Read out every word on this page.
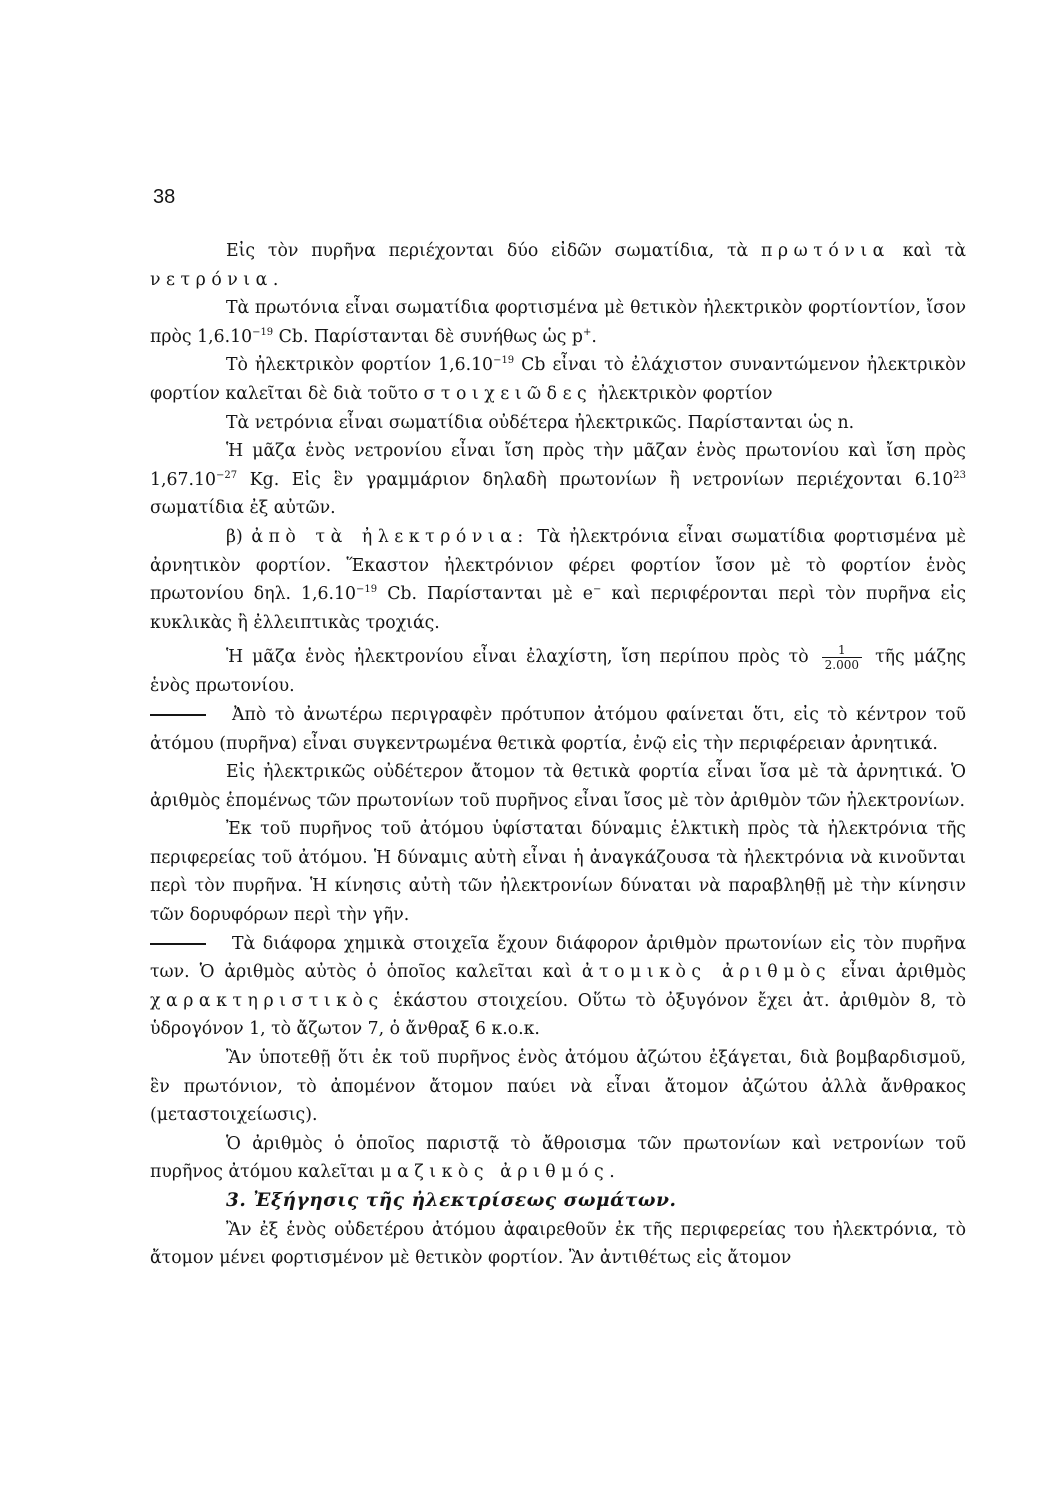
38

Εἰς τὸν πυρῆνα περιέχονται δύο εἰδῶν σωματίδια, τὰ πρωτόνια καὶ τὰ νετρόνια.

Τὰ πρωτόνια εἶναι σωματίδια φορτισμένα μὲ θετικὸν ἠλεκτρικὸν φορτίοντίον, ἴσον πρὸς $1,6.10^{-19}$ Cb. Παρίστανται δὲ συνήθως ὡς p+.

Τὸ ἠλεκτρικὸν φορτίον $1,6.10^{-19}$ Cb εἶναι τὸ ἐλάχιστον συναντώμενον ἠλεκτρικὸν φορτίον καλεῖται δὲ διὰ τοῦτο στοιχειῶδες ἠλεκτρικὸν φορτίον

Τὰ νετρόνια εἶναι σωματίδια οὐδέτερα ἠλεκτρικῶς. Παρίστανται ὡς n.

Ἡ μᾶζα ἑνὸς νετρονίου εἶναι ἴση πρὸς τὴν μᾶζαν ἑνὸς πρωτονίου καὶ ἴση πρὸς $1,67.10^{-27}$ Kg. Εἰς ἓν γραμμάριον δηλαδὴ πρωτονίων ἢ νετρονίων περιέχονται 6.10$^{23}$ σωματίδια ἐξ αὐτῶν.

β) ἀπὸ τὰ ἠλεκτρόνια: Τὰ ἠλεκτρόνια εἶναι σωματίδια φορτισμένα μὲ ἀρνητικὸν φορτίον. Ἕκαστον ἠλεκτρόνιον φέρει φορτίον ἴσον μὲ τὸ φορτίον ἑνὸς πρωτονίου δηλ. $1,6.10^{-19}$ Cb. Παρίστανται μὲ e− καὶ περιφέρονται περὶ τὸν πυρῆνα εἰς κυκλικὰς ἢ ἐλλειπτικὰς τροχιάς.

Ἡ μᾶζα ἑνὸς ἠλεκτρονίου εἶναι ἐλαχίστη, ἴση περίπου πρὸς τὸ $\frac{1}{2.000}$ τῆς μάζης ἑνὸς πρωτονίου.

Ἀπὸ τὸ ἀνωτέρω περιγραφὲν πρότυπον ἀτόμου φαίνεται ὅτι, εἰς τὸ κέντρον τοῦ ἀτόμου (πυρῆνα) εἶναι συγκεντρωμένα θετικὰ φορτία, ἐνῷ εἰς τὴν περιφέρειαν ἀρνητικά.

Εἰς ἠλεκτρικῶς οὐδέτερον ἄτομον τὰ θετικὰ φορτία εἶναι ἴσα μὲ τὰ ἀρνητικά. Ὁ ἀριθμὸς ἑπομένως τῶν πρωτονίων τοῦ πυρῆνος εἶναι ἴσος μὲ τὸν ἀριθμὸν τῶν ἠλεκτρονίων.

Ἐκ τοῦ πυρῆνος τοῦ ἀτόμου ὑφίσταται δύναμις ἑλκτικὴ πρὸς τὰ ἠλεκτρόνια τῆς περιφερείας τοῦ ἀτόμου. Ἡ δύναμις αὐτὴ εἶναι ἡ ἀναγκάζουσα τὰ ἠλεκτρόνια νὰ κινοῦνται περὶ τὸν πυρῆνα. Ἡ κίνησις αὐτὴ τῶν ἠλεκτρονίων δύναται νὰ παραβληθῇ μὲ τὴν κίνησιν τῶν δορυφόρων περὶ τὴν γῆν.

Τὰ διάφορα χημικὰ στοιχεῖα ἔχουν διάφορον ἀριθμὸν πρωτονίων εἰς τὸν πυρῆνα των. Ὁ ἀριθμὸς αὐτὸς ὁ ὁποῖος καλεῖται καὶ ἀτομικὸς ἀριθμὸς εἶναι ἀριθμὸς χαρακτηριστικὸς ἑκάστου στοιχείου. Οὕτω τὸ ὀξυγόνον ἔχει ἀτ. ἀριθμὸν 8, τὸ ὑδρογόνον 1, τὸ ἄζωτον 7, ὁ ἄνθραξ 6 κ.ο.κ.

Ἂν ὑποτεθῇ ὅτι ἐκ τοῦ πυρῆνος ἑνὸς ἀτόμου ἀζώτου ἐξάγεται, διὰ βομβαρδισμοῦ, ἓν πρωτόνιον, τὸ ἀπομένον ἄτομον παύει νὰ εἶναι ἄτομον ἀζώτου ἀλλὰ ἄνθρακος (μεταστοιχείωσις).

Ὁ ἀριθμὸς ὁ ὁποῖος παριστᾷ τὸ ἄθροισμα τῶν πρωτονίων καὶ νετρονίων τοῦ πυρῆνος ἀτόμου καλεῖται μαζικὸς ἀριθμός.

3. Ἐξήγησις τῆς ἠλεκτρίσεως σωμάτων.

Ἂν ἐξ ἑνὸς οὐδετέρου ἀτόμου ἀφαιρεθοῦν ἐκ τῆς περιφερείας του ἠλεκτρόνια, τὸ ἄτομον μένει φορτισμένον μὲ θετικὸν φορτίον. Ἂν ἀντιθέτως εἰς ἄτομον
